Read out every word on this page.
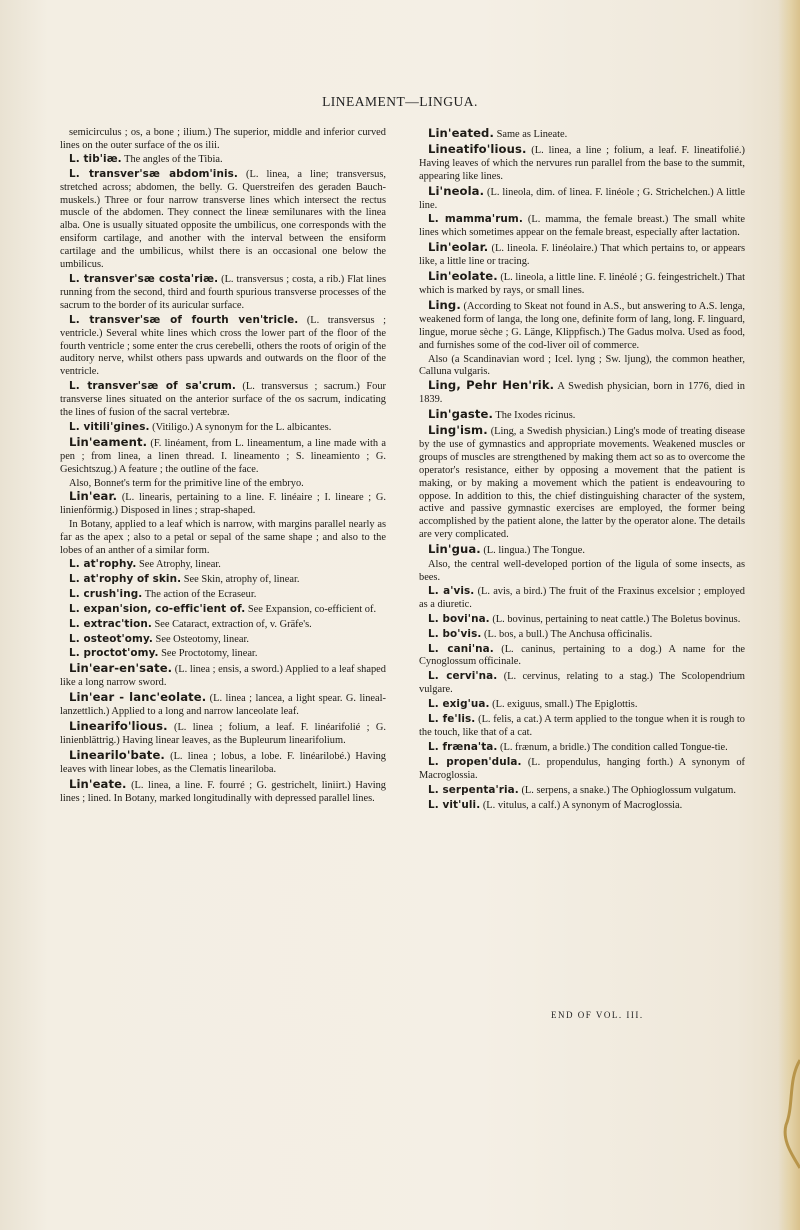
LINEAMENT—LINGUA.

semicirculus ; os, a bone ; ilium.) The superior, middle and inferior curved lines on the outer surface of the os ilii.

L. tib'iæ. The angles of the Tibia.

L. transver'sæ abdom'inis. (L. linea, a line; transversus, stretched across; abdomen, the belly. G. Querstreifen des geraden Bauch-muskels.) Three or four narrow transverse lines which intersect the rectus muscle of the abdomen. They connect the lineæ semilunares with the linea alba. One is usually situated opposite the umbilicus, one corresponds with the ensiform cartilage, and another with the interval between the ensiform cartilage and the umbilicus, whilst there is an occasional one below the umbilicus.

L. transver'sæ costa'riæ. (L. transversus ; costa, a rib.) Flat lines running from the second, third and fourth spurious transverse processes of the sacrum to the border of its auricular surface.

L. transver'sæ of fourth ven'tricle. (L. transversus ; ventricle.) Several white lines which cross the lower part of the floor of the fourth ventricle ; some enter the crus cerebelli, others the roots of origin of the auditory nerve, whilst others pass upwards and outwards on the floor of the ventricle.

L. transver'sæ of sa'crum. (L. transversus ; sacrum.) Four transverse lines situated on the anterior surface of the os sacrum, indicating the lines of fusion of the sacral vertebræ.

L. vitili'gines. (Vitiligo.) A synonym for the L. albicantes.

Lin'eament. (F. linéament, from L. lineamentum, a line made with a pen ; from linea, a linen thread. I. lineamento ; S. lineamiento ; G. Gesichtszug.) A feature ; the outline of the face.

Also, Bonnet's term for the primitive line of the embryo.

Lin'ear. (L. linearis, pertaining to a line. F. linéaire ; I. lineare ; G. linienförmig.) Disposed in lines ; strap-shaped.

In Botany, applied to a leaf which is narrow, with margins parallel nearly as far as the apex ; also to a petal or sepal of the same shape ; and also to the lobes of an anther of a similar form.

L. at'rophy. See Atrophy, linear.

L. at'rophy of skin. See Skin, atrophy of, linear.

L. crush'ing. The action of the Ecraseur.

L. expan'sion, co-effic'ient of. See Expansion, co-efficient of.

L. extrac'tion. See Cataract, extraction of, v. Gräfe's.

L. osteot'omy. See Osteotomy, linear.

L. proctot'omy. See Proctotomy, linear.

Lin'ear-en'sate. (L. linea ; ensis, a sword.) Applied to a leaf shaped like a long narrow sword.

Lin'ear - lanc'eolate. (L. linea ; lancea, a light spear. G. lineal-lanzettlich.) Applied to a long and narrow lanceolate leaf.

Linearifo'lious. (L. linea ; folium, a leaf. F. linéarifolié ; G. linienblättrig.) Having linear leaves, as the Bupleurum linearifolium.

Linearilo'bate. (L. linea ; lobus, a lobe. F. linéarilobé.) Having leaves with linear lobes, as the Clematis lineariloba.

Lin'eate. (L. linea, a line. F. fourré ; G. gestrichelt, liniirt.) Having lines ; lined. In Botany, marked longitudinally with depressed parallel lines.

Lin'eated. Same as Lineate.

Lineatifo'lious. (L. linea, a line ; folium, a leaf. F. lineatifolié.) Having leaves of which the nervures run parallel from the base to the summit, appearing like lines.

Li'neola. (L. lineola, dim. of linea. F. linéole ; G. Strichelchen.) A little line.

L. mamma'rum. (L. mamma, the female breast.) The small white lines which sometimes appear on the female breast, especially after lactation.

Lin'eolar. (L. lineola. F. linéolaire.) That which pertains to, or appears like, a little line or tracing.

Lin'eolate. (L. lineola, a little line. F. linéolé ; G. feingestrichelt.) That which is marked by rays, or small lines.

Ling. (According to Skeat not found in A.S., but answering to A.S. lenga, weakened form of langa, the long one, definite form of lang, long. F. linguard, lingue, morue sèche ; G. Länge, Klippfisch.) The Gadus molva. Used as food, and furnishes some of the cod-liver oil of commerce.

Also (a Scandinavian word ; Icel. lyng ; Sw. ljung), the common heather, Calluna vulgaris.

Ling, Pehr Hen'rik. A Swedish physician, born in 1776, died in 1839.

Lin'gaste. The Ixodes ricinus.

Ling'ism. (Ling, a Swedish physician.) Ling's mode of treating disease by the use of gymnastics and appropriate movements. Weakened muscles or groups of muscles are strengthened by making them act so as to overcome the operator's resistance, either by opposing a movement that the patient is making, or by making a movement which the patient is endeavouring to oppose. In addition to this, the chief distinguishing character of the system, active and passive gymnastic exercises are employed, the former being accomplished by the patient alone, the latter by the operator alone. The details are very complicated.

Lin'gua. (L. lingua.) The Tongue.

Also, the central well-developed portion of the ligula of some insects, as bees.

L. a'vis. (L. avis, a bird.) The fruit of the Fraxinus excelsior ; employed as a diuretic.

L. bovi'na. (L. bovinus, pertaining to neat cattle.) The Boletus bovinus.

L. bo'vis. (L. bos, a bull.) The Anchusa officinalis.

L. cani'na. (L. caninus, pertaining to a dog.) A name for the Cynoglossum officinale.

L. cervi'na. (L. cervinus, relating to a stag.) The Scolopendrium vulgare.

L. exig'ua. (L. exiguus, small.) The Epiglottis.

L. fe'lis. (L. felis, a cat.) A term applied to the tongue when it is rough to the touch, like that of a cat.

L. fræna'ta. (L. frænum, a bridle.) The condition called Tongue-tie.

L. propen'dula. (L. propendulus, hanging forth.) A synonym of Macroglossia.

L. serpenta'ria. (L. serpens, a snake.) The Ophioglossum vulgatum.

L. vit'uli. (L. vitulus, a calf.) A synonym of Macroglossia.

END OF VOL. III.
